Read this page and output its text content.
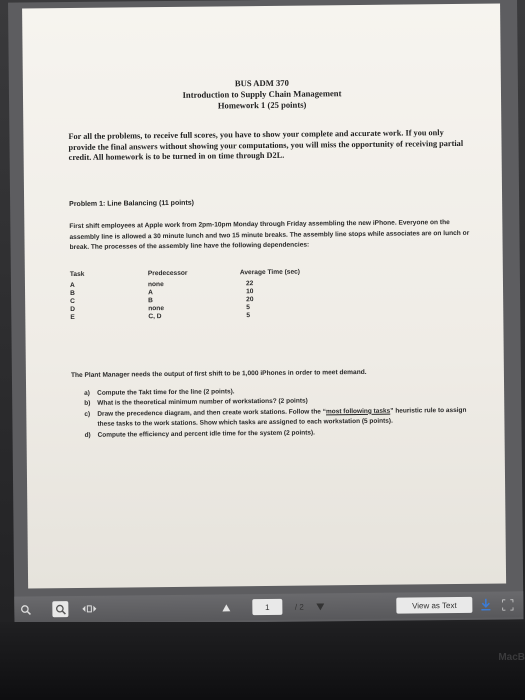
BUS ADM 370
Introduction to Supply Chain Management
Homework 1 (25 points)
For all the problems, to receive full scores, you have to show your complete and accurate work. If you only provide the final answers without showing your computations, you will miss the opportunity of receiving partial credit. All homework is to be turned in on time through D2L.
Problem 1: Line Balancing (11 points)
First shift employees at Apple work from 2pm-10pm Monday through Friday assembling the new iPhone. Everyone on the assembly line is allowed a 30 minute lunch and two 15 minute breaks. The assembly line stops while associates are on lunch or break. The processes of the assembly line have the following dependencies:
Task	Predecessor	Average Time (sec)
A	none	22
B	A	10
C	B	20
D	none	5
E	C, D	5
The Plant Manager needs the output of first shift to be 1,000 iPhones in order to meet demand.
a)	Compute the Takt time for the line (2 points).
b)	What is the theoretical minimum number of workstations? (2 points)
c)	Draw the precedence diagram, and then create work stations. Follow the “most following tasks” heuristic rule to assign these tasks to the work stations. Show which tasks are assigned to each workstation (5 points).
d)	Compute the efficiency and percent idle time for the system (2 points).
1	/ 2	View as Text
MacB
